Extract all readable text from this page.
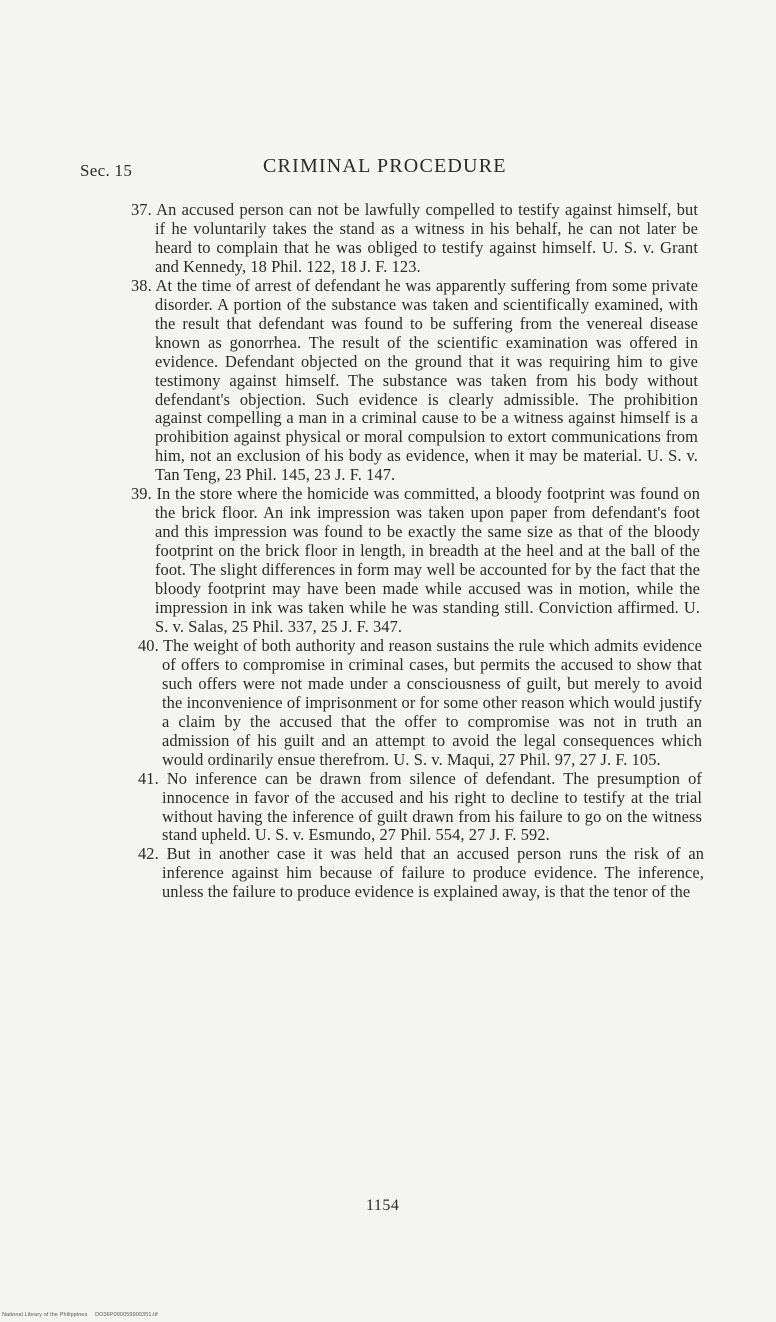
Sec. 15	CRIMINAL PROCEDURE

37. An accused person can not be lawfully compelled to testify against himself, but if he voluntarily takes the stand as a witness in his behalf, he can not later be heard to complain that he was obliged to testify against himself. U. S. v. Grant and Kennedy, 18 Phil. 122, 18 J. F. 123.

38. At the time of arrest of defendant he was apparently suffering from some private disorder. A portion of the substance was taken and scientifically examined, with the result that defendant was found to be suffering from the venereal disease known as gonorrhea. The result of the scientific examination was offered in evidence. Defendant objected on the ground that it was requiring him to give testimony against himself. The substance was taken from his body without defendant's objection. Such evidence is clearly admissible. The prohibition against compelling a man in a criminal cause to be a witness against himself is a prohibition against physical or moral compulsion to extort communications from him, not an exclusion of his body as evidence, when it may be material. U. S. v. Tan Teng, 23 Phil. 145, 23 J. F. 147.

39. In the store where the homicide was committed, a bloody footprint was found on the brick floor. An ink impression was taken upon paper from defendant's foot and this impression was found to be exactly the same size as that of the bloody footprint on the brick floor in length, in breadth at the heel and at the ball of the foot. The slight differences in form may well be accounted for by the fact that the bloody footprint may have been made while accused was in motion, while the impression in ink was taken while he was standing still. Conviction affirmed. U. S. v. Salas, 25 Phil. 337, 25 J. F. 347.

40. The weight of both authority and reason sustains the rule which admits evidence of offers to compromise in criminal cases, but permits the accused to show that such offers were not made under a consciousness of guilt, but merely to avoid the inconvenience of imprisonment or for some other reason which would justify a claim by the accused that the offer to compromise was not in truth an admission of his guilt and an attempt to avoid the legal consequences which would ordinarily ensue therefrom. U. S. v. Maqui, 27 Phil. 97, 27 J. F. 105.

41. No inference can be drawn from silence of defendant. The presumption of innocence in favor of the accused and his right to decline to testify at the trial without having the inference of guilt drawn from his failure to go on the witness stand upheld. U. S. v. Esmundo, 27 Phil. 554, 27 J. F. 592.

42. But in another case it was held that an accused person runs the risk of an inference against him because of failure to produce evidence. The inference, unless the failure to produce evidence is explained away, is that the tenor of the

1154
National Library of the Philippines DO36P000059900351.tif
